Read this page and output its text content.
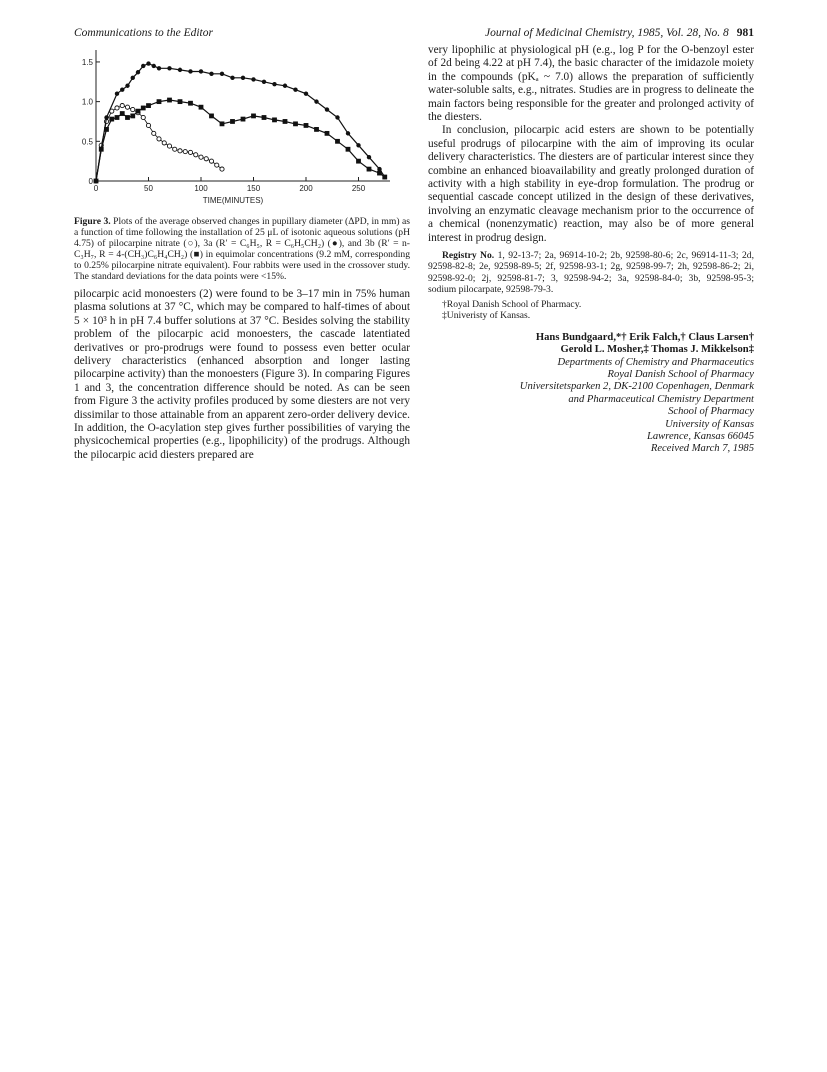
Communications to the Editor	Journal of Medicinal Chemistry, 1985, Vol. 28, No. 8 981
0	50	100	150	200	250
0
0.5
1.0
1.5
TIME(MINUTES)
Figure 3. Plots of the average observed changes in pupillary diameter (ΔPD, in mm) as a function of time following the installation of 25 μL of isotonic aqueous solutions (pH 4.75) of pilocarpine nitrate (○), 3a (R′ = C₆H₅, R = C₆H₅CH₂) (●), and 3b (R′ = n-C₃H₇, R = 4-(CH₃)C₆H₄CH₂) (■) in equimolar concentrations (9.2 mM, corresponding to 0.25% pilocarpine nitrate equivalent). Four rabbits were used in the crossover study. The standard deviations for the data points were <15%.

pilocarpic acid monoesters (2) were found to be 3–17 min in 75% human plasma solutions at 37 °C, which may be compared to half-times of about 5 × 10³ h in pH 7.4 buffer solutions at 37 °C. Besides solving the stability problem of the pilocarpic acid monoesters, the cascade latentiated derivatives or pro-prodrugs were found to possess even better ocular delivery characteristics (enhanced absorption and longer lasting pilocarpine activity) than the monoesters (Figure 3). In comparing Figures 1 and 3, the concentration difference should be noted. As can be seen from Figure 3 the activity profiles produced by some diesters are not very dissimilar to those attainable from an apparent zero-order delivery device. In addition, the O-acylation step gives further possibilities of varying the physicochemical properties (e.g., lipophilicity) of the prodrugs. Although the pilocarpic acid diesters prepared are

very lipophilic at physiological pH (e.g., log P for the O-benzoyl ester of 2d being 4.22 at pH 7.4), the basic character of the imidazole moiety in the compounds (pKₐ ~ 7.0) allows the preparation of sufficiently water-soluble salts, e.g., nitrates. Studies are in progress to delineate the main factors being responsible for the greater and prolonged activity of the diesters.

In conclusion, pilocarpic acid esters are shown to be potentially useful prodrugs of pilocarpine with the aim of improving its ocular delivery characteristics. The diesters are of particular interest since they combine an enhanced bioavailability and greatly prolonged duration of activity with a high stability in eye-drop formulation. The prodrug or sequential cascade concept utilized in the design of these derivatives, involving an enzymatic cleavage mechanism prior to the occurrence of a chemical (nonenzymatic) reaction, may also be of more general interest in prodrug design.

Registry No. 1, 92-13-7; 2a, 96914-10-2; 2b, 92598-80-6; 2c, 96914-11-3; 2d, 92598-82-8; 2e, 92598-89-5; 2f, 92598-93-1; 2g, 92598-99-7; 2h, 92598-86-2; 2i, 92598-92-0; 2j, 92598-81-7; 3, 92598-94-2; 3a, 92598-84-0; 3b, 92598-95-3; sodium pilocarpate, 92598-79-3.

†Royal Danish School of Pharmacy.
‡Univeristy of Kansas.
Hans Bundgaard,*† Erik Falch,† Claus Larsen†
Gerold L. Mosher,‡ Thomas J. Mikkelson‡
Departments of Chemistry and Pharmaceutics
Royal Danish School of Pharmacy
Universitetsparken 2, DK-2100 Copenhagen, Denmark
and Pharmaceutical Chemistry Department
School of Pharmacy
University of Kansas
Lawrence, Kansas 66045
Received March 7, 1985
